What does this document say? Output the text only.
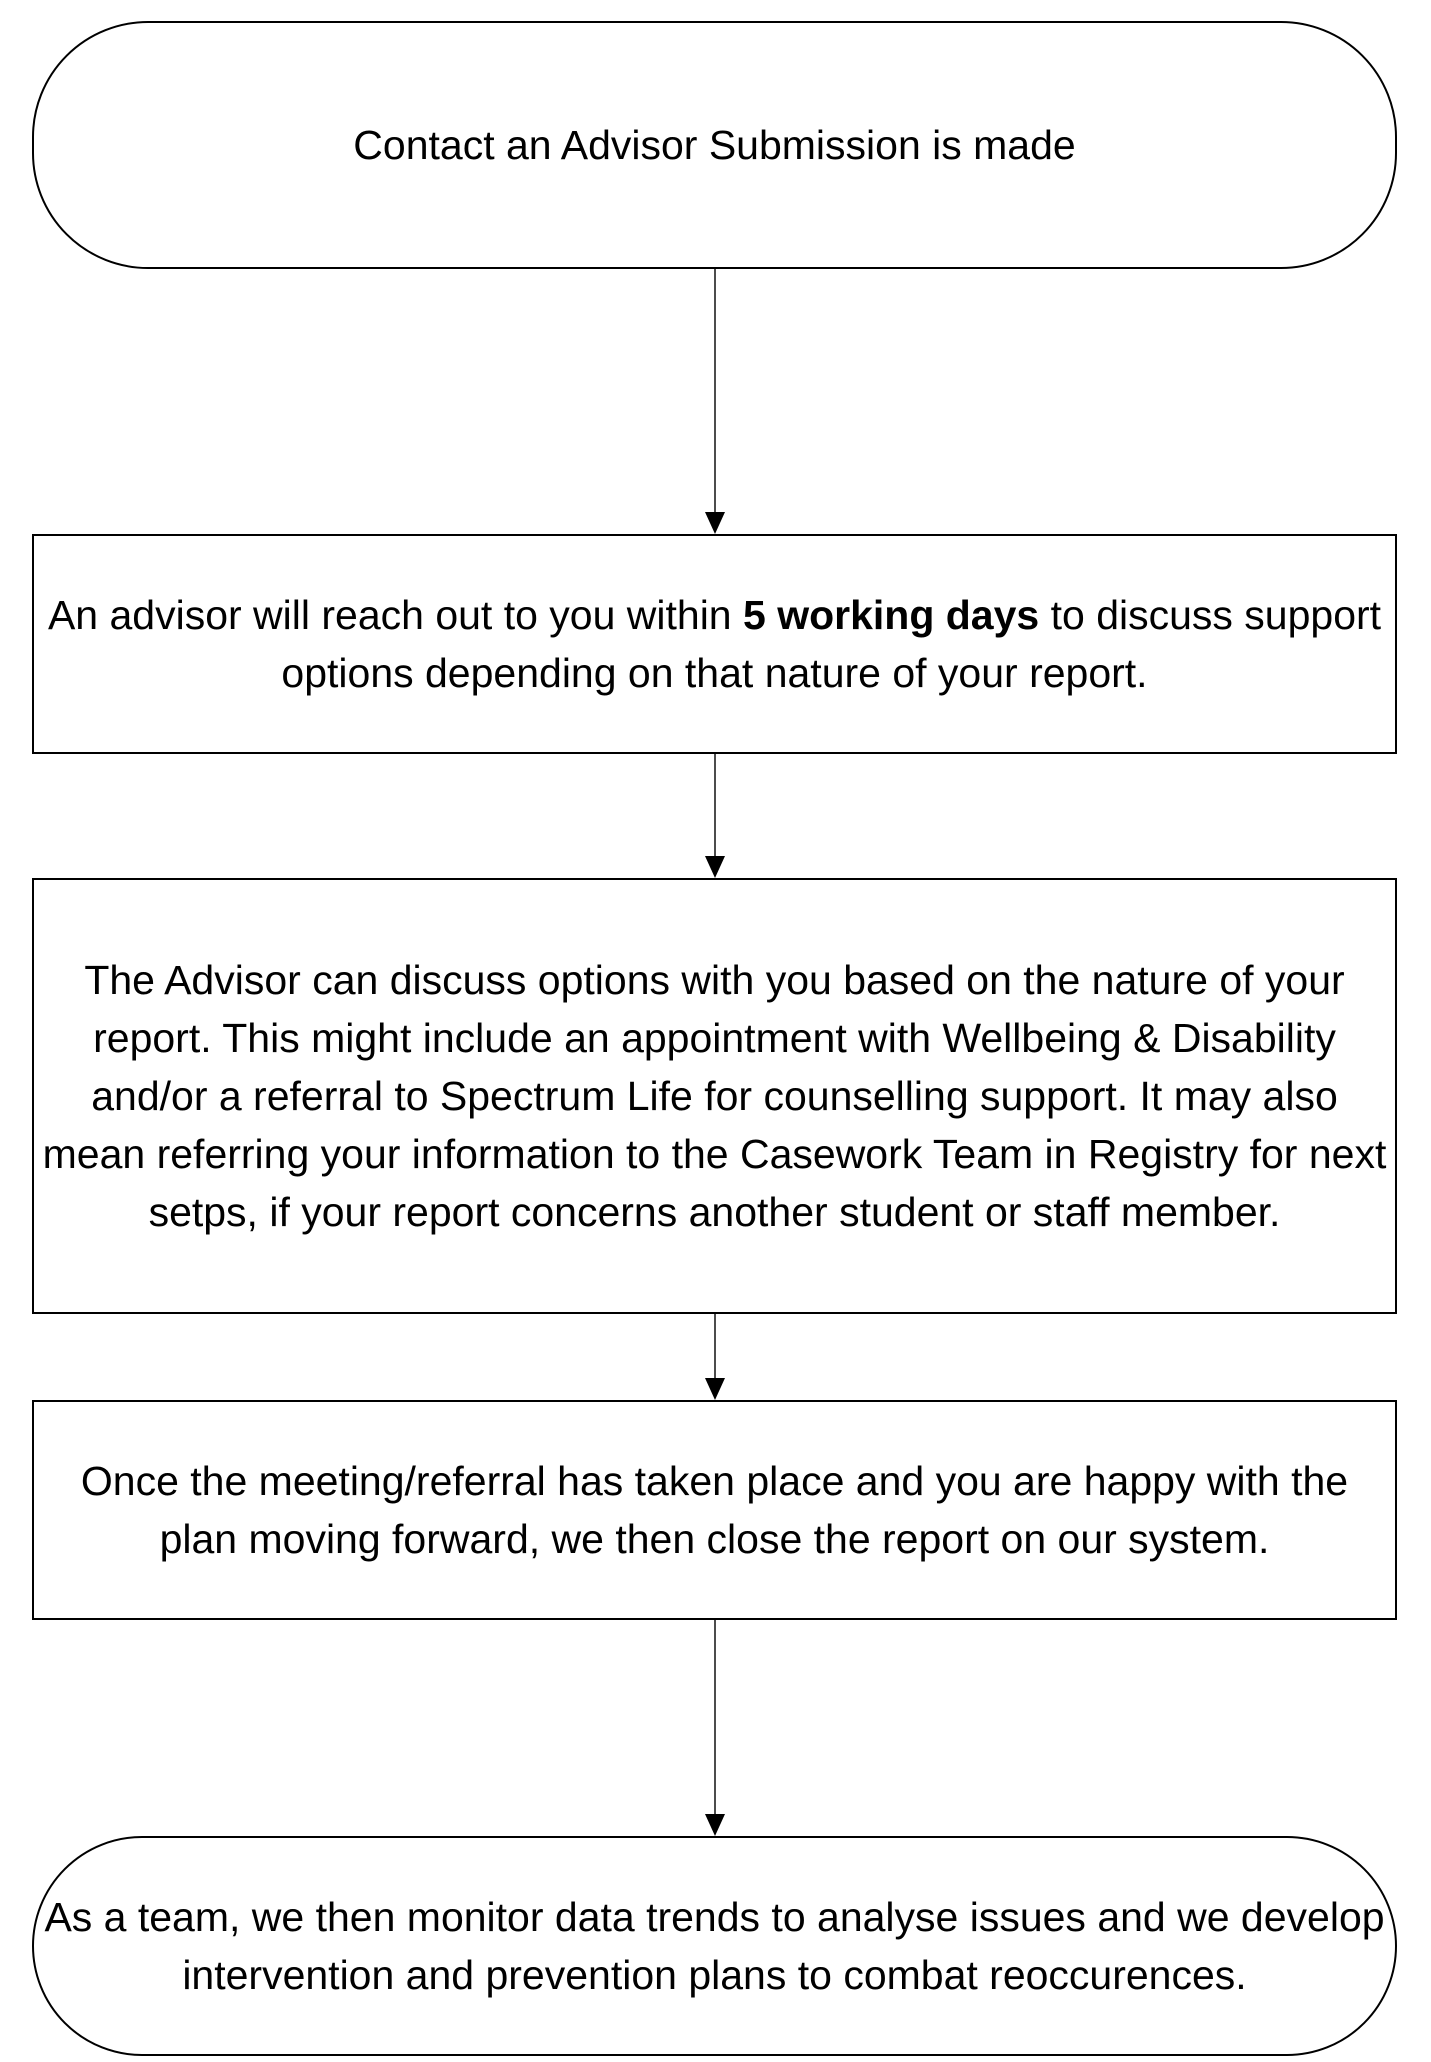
Contact an Advisor Submission is made
An advisor will reach out to you within 5 working days to discuss support options depending on that nature of your report.
The Advisor can discuss options with you based on the nature of your report. This might include an appointment with Wellbeing & Disability and/or a referral to Spectrum Life for counselling support. It may also mean referring your information to the Casework Team in Registry for next setps, if your report concerns another student or staff member.
Once the meeting/referral has taken place and you are happy with the plan moving forward, we then close the report on our system.
As a team, we then monitor data trends to analyse issues and we develop intervention and prevention plans to combat reoccurences.
